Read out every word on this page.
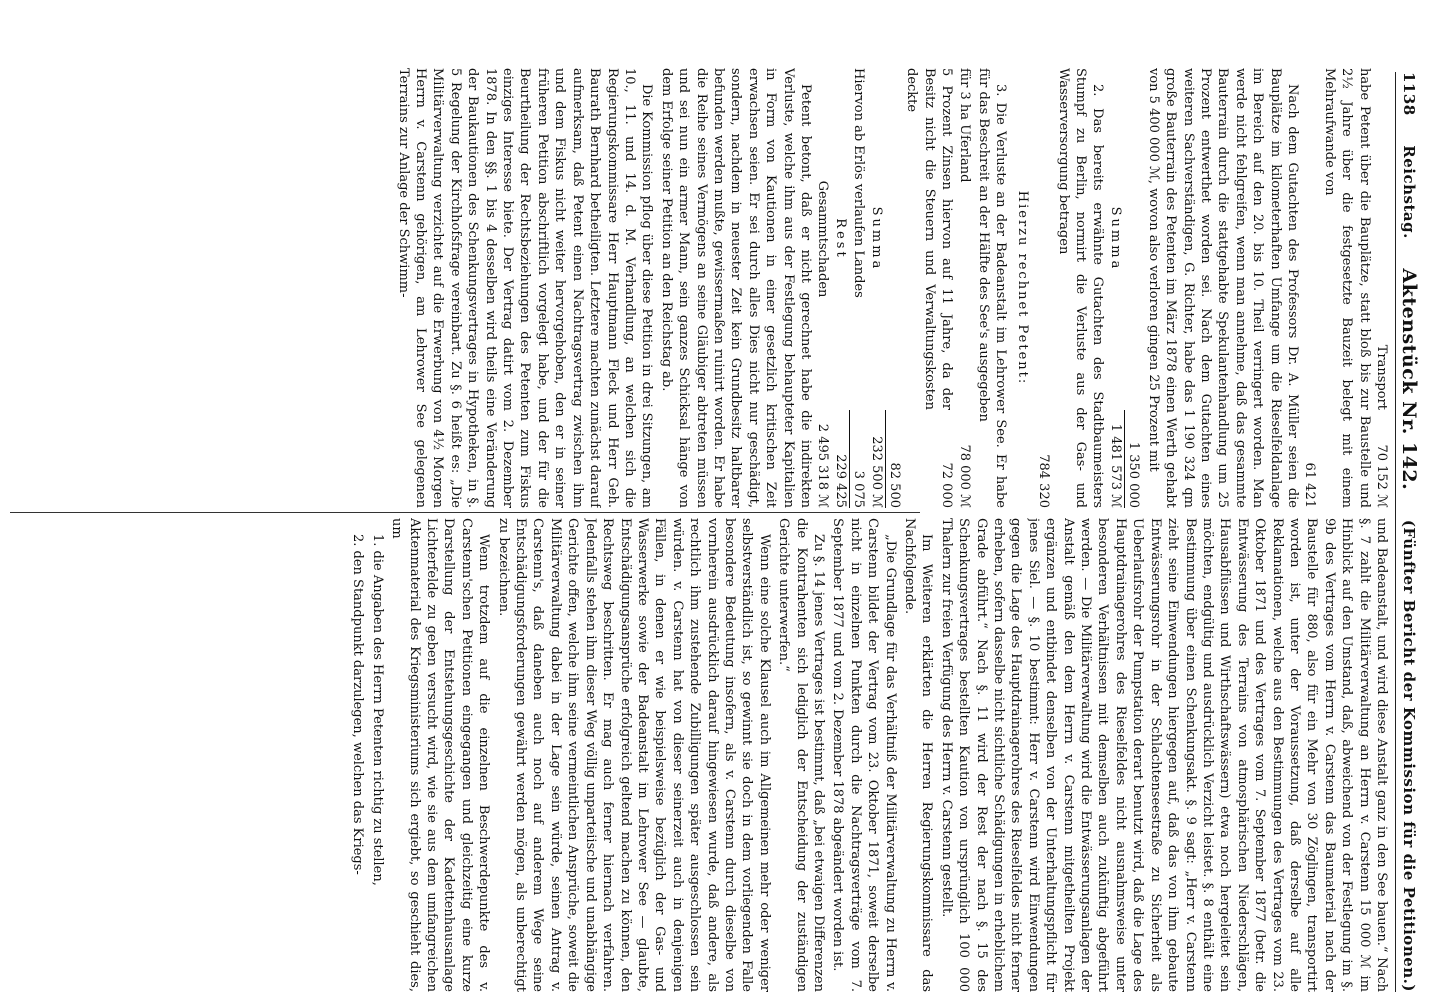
1138
Reichstag.
Aktenstück Nr. 142.
(Fünfter Bericht der Kommission für die Petitionen.)
Transport
70 152 ℳ

habe Petent über die Bauplätze, statt bloß bis zur Baustelle und 2½ Jahre über die festgesetzte Bauzeit belegt mit einem Mehraufwande von

61 421

Nach dem Gutachten des Professors Dr. A. Müller seien die Bauplätze im kilometerhaften Umfange um die Rieselfeldanlage im Bereich auf den 20. bis 10. Theil verringert worden. Man werde nicht fehlgreifen, wenn man annehme, daß das gesammte Bauterrain durch die stattgehabte Spekulantenhandlung um 25 Prozent entwerthet worden sei. Nach dem Gutachten eines weiteren Sachverständigen, G. Richter, habe das 1 190 324 qm große Bauterrain des Petenten im März 1878 einen Werth gehabt von 5 400 000 ℳ, wovon also verloren gingen 25 Prozent mit

1 350 000
Summa
1 481 573 ℳ

2. Das bereits erwähnte Gutachten des Stadtbaumeisters Stumpf zu Berlin, normirt die Verluste aus der Gas- und Wasserversorgung betragen

784 320
Hierzu rechnet Petent:

3. Die Verluste an der Badeanstalt im Lehrower See. Er habe für das Beschreit an der Hälfte des See's ausgegeben

für 3 ha Uferland
78 000 ℳ
5 Prozent Zinsen hiervon auf 11 Jahre, da der Besitz nicht die Steuern und Verwaltungskosten deckte
72 000
82 500
Summa
232 500 ℳ
Hiervon ab Erlös verlaufen Landes
3 075
Rest
229 425
Gesammtschaden
2 495 318 ℳ

Petent betont, daß er nicht gerechnet habe die indirekten Verluste, welche ihm aus der Festlegung behaupteter Kapitalien in Form von Kautionen in einer gesetzlich kritischen Zeit erwachsen seien. Er sei durch alles Dies nicht nur geschädigt, sondern, nachdem in neuester Zeit kein Grundbesitz haltbarer befunden werden mußte, gewissermaßen ruinirt worden. Er habe die Reihe seines Vermögens an seine Gläubiger abtreten müssen und sei nun ein armer Mann, sein ganzes Schicksal hänge von dem Erfolge seiner Petition an den Reichstag ab.

Die Kommission pflog über diese Petition in drei Sitzungen, am 10., 11. und 14. d. M. Verhandlung, an welchen sich die Regierungskommissare Herr Hauptmann Fleck und Herr Geh. Baurath Bernhard betheiligten. Letztere machten zunächst darauf aufmerksam, daß Petent einen Nachtragsvertrag zwischen ihm und dem Fiskus nicht weiter hervorgehoben, den er in seiner früheren Petition abschriftlich vorgelegt habe, und der für die Beurtheilung der Rechtsbeziehungen des Petenten zum Fiskus einziges Interesse biete. Der Vertrag datirt vom 2. Dezember 1878. In den §§. 1 bis 4 desselben wird theils eine Veränderung der Baukautionen des Schenkungsvertrages in Hypotheken, in §. 5 Regelung der Kirchhofsfrage vereinbart. Zu §. 6 heißt es: „Die Militärverwaltung verzichtet auf die Erwerbung von 4½ Morgen Herrn v. Carstenn gehörigen, am Lehrower See gelegenen Terrains zur Anlage der Schwimm-

und Badeanstalt, und wird diese Anstalt ganz in den See bauen.“ Nach §. 7 zahlt die Militärverwaltung an Herrn v. Carstenn 15 000 ℳ im Hinblick auf den Umstand, daß, abweichend von der Festlegung im §. 9b des Vertrages vom Herrn v. Carstenn das Baumaterial nach der Baustelle für 880, also für ein Mehr von 30 Zöglingen, transportirt worden ist, unter der Voraussetzung, daß derselbe auf alle Reklamationen, welche aus den Bestimmungen des Vertrages vom 23. Oktober 1871 und des Vertrages vom 7. September 1877 (betr. die Entwässerung des Terrains von atmosphärischen Niederschlägen, Hausabflüssen und Wirthschaftswässern) etwa noch hergeleitet sein möchten, endgültig und ausdrücklich Verzicht leistet. §. 8 enthält eine Bestimmung über einen Schenkungsakt. §. 9 sagt: „Herr v. Carstenn zieht seine Einwendungen hiergegen auf, daß das von ihm gebaute Entwässerungsrohr in der Schlachtenseestraße zu Sicherheit als Ueberlaufsrohr der Pumpstation derart benutzt wird, daß die Lage des Hauptdrainagerohres des Rieselfeldes nicht ausnahmsweise unter besonderen Verhältnissen mit demselben auch zukünftig abgeführt werden. — Die Militärverwaltung wird die Entwässerungsanlagen der Anstalt gemäß den dem Herrn v. Carstenn mitgetheilten Projekt ergänzen und entbindet denselben von der Unterhaltungspflicht für jenes Siel. — §. 10 bestimmt: Herr v. Carstenn wird Einwendungen gegen die Lage des Hauptdrainagerohres des Rieselfeldes nicht ferner erheben, sofern dasselbe nicht sichtliche Schädigungen in erheblichem Grade abführt.“ Nach §. 11 wird der Rest der nach §. 15 des Schenkungsvertrages bestellten Kaution von ursprünglich 100 000 Thalern zur freien Verfügung des Herrn v. Carstenn gestellt.

Im Weiteren erklärten die Herren Regierungskommissare das Nachfolgende.

„Die Grundlage für das Verhältniß der Militärverwaltung zu Herrn v. Carstenn bildet der Vertrag vom 23. Oktober 1871, soweit derselbe nicht in einzelnen Punkten durch die Nachtragsverträge vom 7. September 1877 und vom 2. Dezember 1878 abgeändert worden ist.

Zu §. 14 jenes Vertrages ist bestimmt, daß „bei etwaigen Differenzen die Kontrahenten sich lediglich der Entscheidung der zuständigen Gerichte unterwerfen.“

Wenn eine solche Klausel auch im Allgemeinen mehr oder weniger selbstverständlich ist, so gewinnt sie doch in dem vorliegenden Falle besondere Bedeutung insofern, als v. Carstenn durch dieselbe von vornherein ausdrücklich darauf hingewiesen wurde, daß andere, als rechtlich ihm zustehende Zubilligungen später ausgeschlossen sein würden. v. Carstenn hat von dieser seinerzeit auch in denjenigen Fällen, in denen er wie beispielsweise bezüglich der Gas- und Wasserwerke sowie der Badeanstalt im Lehrower See — glaubte, Entschädigungsansprüche erfolgreich geltend machen zu können, den Rechtsweg beschritten. Er mag auch ferner hiernach verfahren. Jedenfalls stehen ihm dieser Weg völlig unparteiische und unabhängige Gerichte offen, welche ihm seine vermeintlichen Ansprüche, soweit die Militärverwaltung dabei in der Lage sein würde, seinen Antrag v. Carstenn's, daß daneben auch noch auf anderem Wege seine Entschädigungsforderungen gewährt werden mögen, als unberechtigt zu bezeichnen.

Wenn trotzdem auf die einzelnen Beschwerdepunkte des v. Carstenn'schen Petitionen eingegangen und gleichzeitig eine kurze Darstellung der Entstehungsgeschichte der Kadettenhausanlage Lichterfelde zu geben versucht wird, wie sie aus dem umfangreichen Aktenmaterial des Kriegsministeriums sich ergiebt, so geschieht dies, um

1. die Angaben des Herrn Petenten richtig zu stellen,

2. den Standpunkt darzulegen, welchen das Kriegs-
